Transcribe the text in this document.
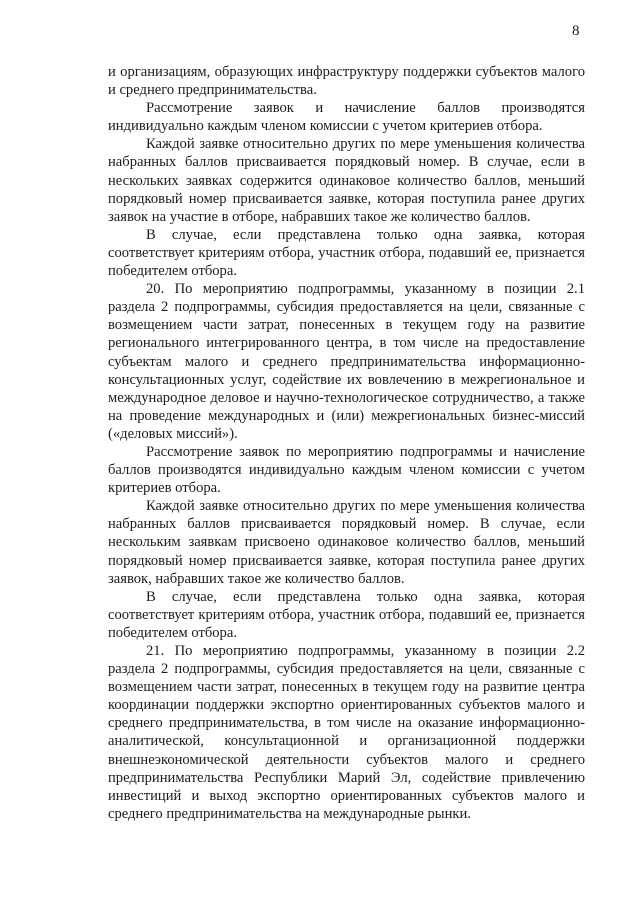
8

и организациям, образующих инфраструктуру поддержки субъектов малого и среднего предпринимательства.

Рассмотрение заявок и начисление баллов производятся индивидуально каждым членом комиссии с учетом критериев отбора.

Каждой заявке относительно других по мере уменьшения количества набранных баллов присваивается порядковый номер. В случае, если в нескольких заявках содержится одинаковое количество баллов, меньший порядковый номер присваивается заявке, которая поступила ранее других заявок на участие в отборе, набравших такое же количество баллов.

В случае, если представлена только одна заявка, которая соответствует критериям отбора, участник отбора, подавший ее, признается победителем отбора.

20. По мероприятию подпрограммы, указанному в позиции 2.1 раздела 2 подпрограммы, субсидия предоставляется на цели, связанные с возмещением части затрат, понесенных в текущем году на развитие регионального интегрированного центра, в том числе на предоставление субъектам малого и среднего предпринимательства информационно-консультационных услуг, содействие их вовлечению в межрегиональное и международное деловое и научно-технологическое сотрудничество, а также на проведение международных и (или) межрегиональных бизнес-миссий («деловых миссий»).

Рассмотрение заявок по мероприятию подпрограммы и начисление баллов производятся индивидуально каждым членом комиссии с учетом критериев отбора.

Каждой заявке относительно других по мере уменьшения количества набранных баллов присваивается порядковый номер. В случае, если нескольким заявкам присвоено одинаковое количество баллов, меньший порядковый номер присваивается заявке, которая поступила ранее других заявок, набравших такое же количество баллов.

В случае, если представлена только одна заявка, которая соответствует критериям отбора, участник отбора, подавший ее, признается победителем отбора.

21. По мероприятию подпрограммы, указанному в позиции 2.2 раздела 2 подпрограммы, субсидия предоставляется на цели, связанные с возмещением части затрат, понесенных в текущем году на развитие центра координации поддержки экспортно ориентированных субъектов малого и среднего предпринимательства, в том числе на оказание информационно-аналитической, консультационной и организационной поддержки внешнеэкономической деятельности субъектов малого и среднего предпринимательства Республики Марий Эл, содействие привлечению инвестиций и выход экспортно ориентированных субъектов малого и среднего предпринимательства на международные рынки.
